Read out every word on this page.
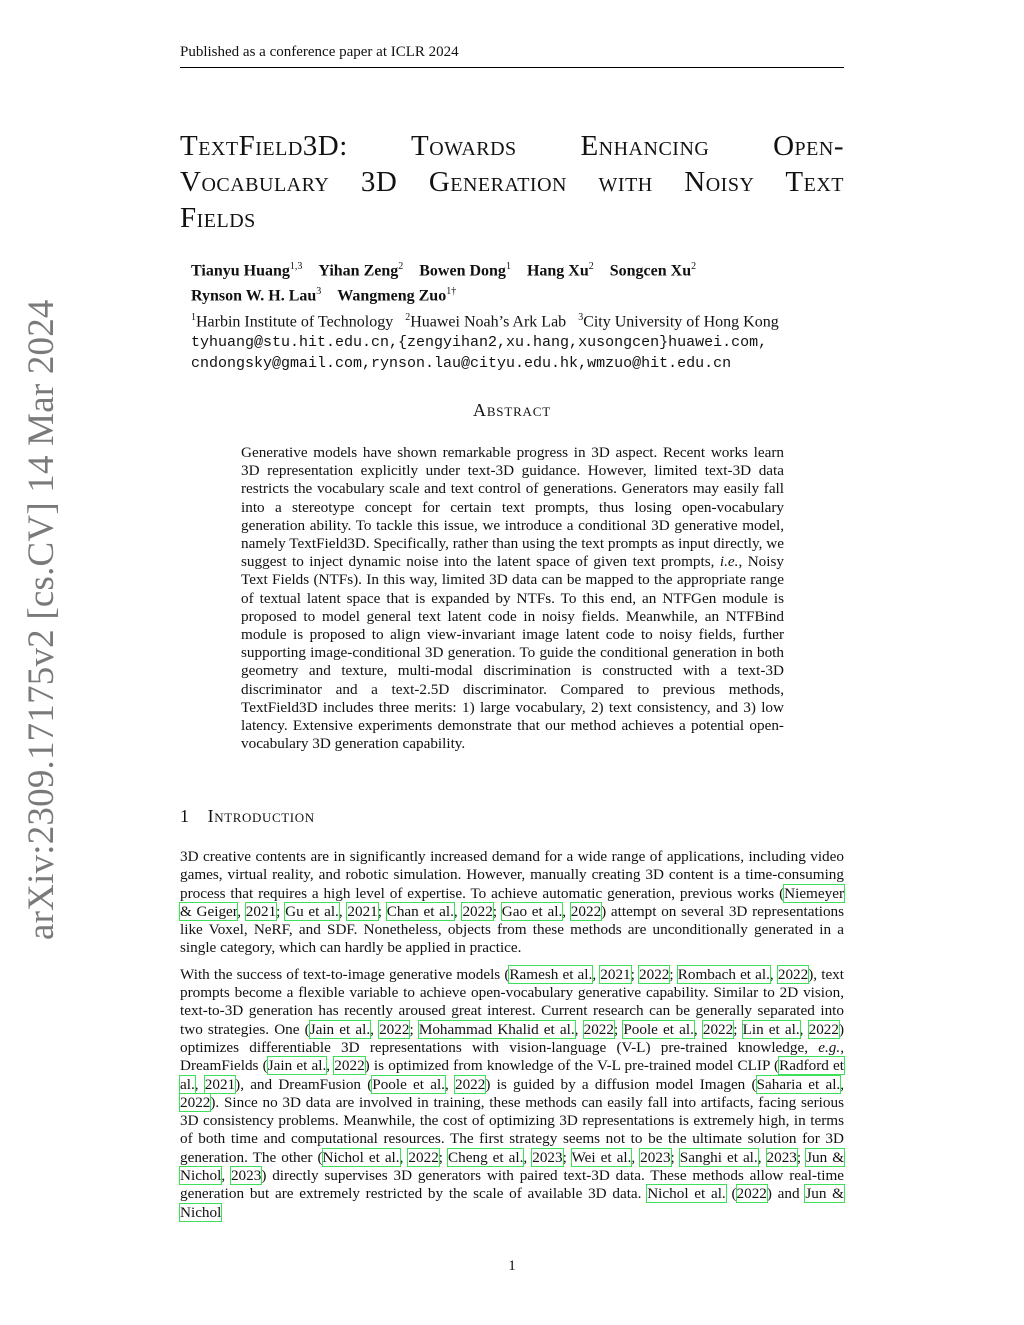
Published as a conference paper at ICLR 2024
arXiv:2309.17175v2 [cs.CV] 14 Mar 2024
TextField3D: Towards Enhancing Open-
Vocabulary 3D Generation with Noisy Text
Fields
Tianyu Huang$^{1,3}$  Yihan Zeng$^2$  Bowen Dong$^1$  Hang Xu$^2$  Songcen Xu$^2$
Rynson W. H. Lau$^3$  Wangmeng Zuo$^{1\dagger}$
$^1$Harbin Institute of Technology  $^2$Huawei Noah’s Ark Lab  $^3$City University of Hong Kong
tyhuang@stu.hit.edu.cn,{zengyihan2,xu.hang,xusongcen}huawei.com,
cndongsky@gmail.com,rynson.lau@cityu.edu.hk,wmzuo@hit.edu.cn
Abstract
Generative models have shown remarkable progress in 3D aspect. Recent works learn 3D representation explicitly under text-3D guidance. However, limited text-3D data restricts the vocabulary scale and text control of generations. Generators may easily fall into a stereotype concept for certain text prompts, thus losing open-vocabulary generation ability. To tackle this issue, we introduce a conditional 3D generative model, namely TextField3D. Specifically, rather than using the text prompts as input directly, we suggest to inject dynamic noise into the latent space of given text prompts, i.e., Noisy Text Fields (NTFs). In this way, limited 3D data can be mapped to the appropriate range of textual latent space that is expanded by NTFs. To this end, an NTFGen module is proposed to model general text latent code in noisy fields. Meanwhile, an NTFBind module is proposed to align view-invariant image latent code to noisy fields, further supporting image-conditional 3D generation. To guide the conditional generation in both geometry and texture, multi-modal discrimination is constructed with a text-3D discriminator and a text-2.5D discriminator. Compared to previous methods, TextField3D includes three merits: 1) large vocabulary, 2) text consistency, and 3) low latency. Extensive experiments demonstrate that our method achieves a potential open-vocabulary 3D generation capability.
1 Introduction

3D creative contents are in significantly increased demand for a wide range of applications, including video games, virtual reality, and robotic simulation. However, manually creating 3D content is a time-consuming process that requires a high level of expertise. To achieve automatic generation, previous works (Niemeyer & Geiger, 2021; Gu et al., 2021; Chan et al., 2022; Gao et al., 2022) attempt on several 3D representations like Voxel, NeRF, and SDF. Nonetheless, objects from these methods are unconditionally generated in a single category, which can hardly be applied in practice.

With the success of text-to-image generative models (Ramesh et al., 2021; 2022; Rombach et al., 2022), text prompts become a flexible variable to achieve open-vocabulary generative capability. Similar to 2D vision, text-to-3D generation has recently aroused great interest. Current research can be generally separated into two strategies. One (Jain et al., 2022; Mohammad Khalid et al., 2022; Poole et al., 2022; Lin et al., 2022) optimizes differentiable 3D representations with vision-language (V-L) pre-trained knowledge, e.g., DreamFields (Jain et al., 2022) is optimized from knowledge of the V-L pre-trained model CLIP (Radford et al., 2021), and DreamFusion (Poole et al., 2022) is guided by a diffusion model Imagen (Saharia et al., 2022). Since no 3D data are involved in training, these methods can easily fall into artifacts, facing serious 3D consistency problems. Meanwhile, the cost of optimizing 3D representations is extremely high, in terms of both time and computational resources. The first strategy seems not to be the ultimate solution for 3D generation. The other (Nichol et al., 2022; Cheng et al., 2023; Wei et al., 2023; Sanghi et al., 2023; Jun & Nichol, 2023) directly supervises 3D generators with paired text-3D data. These methods allow real-time generation but are extremely restricted by the scale of available 3D data. Nichol et al. (2022) and Jun & Nichol

1
